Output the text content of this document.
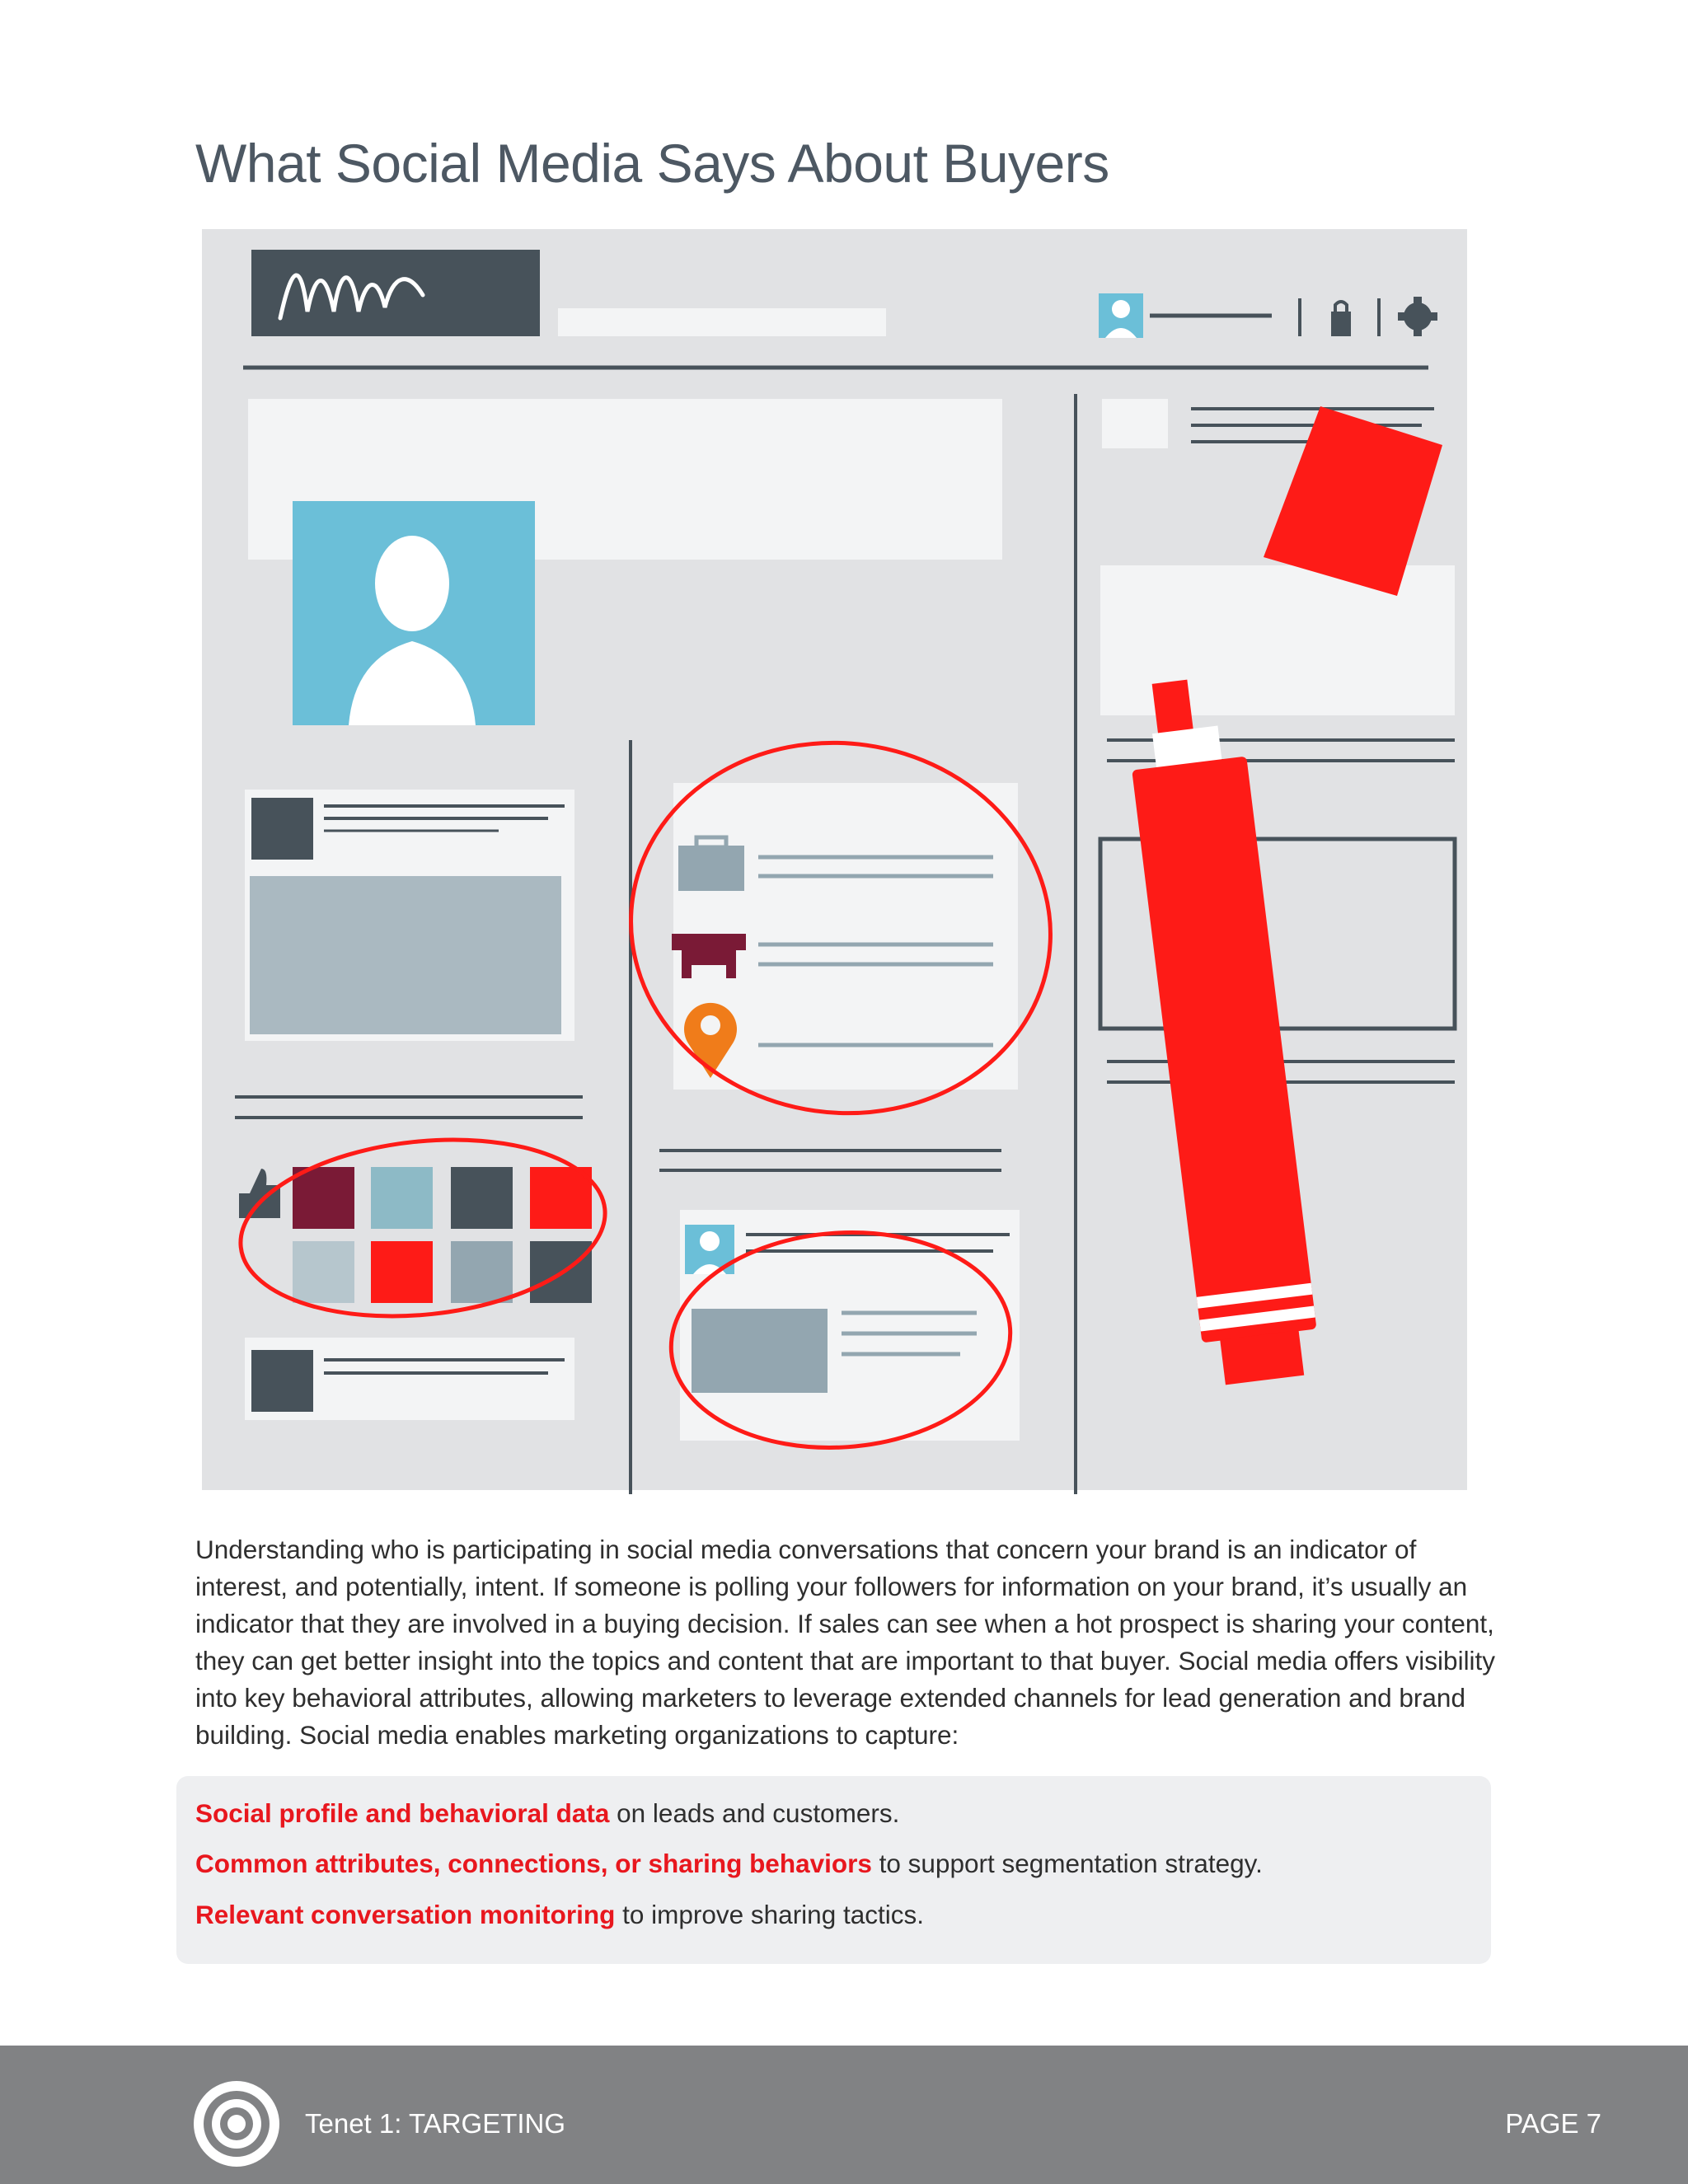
What Social Media Says About Buyers

Understanding who is participating in social media conversations that concern your brand is an indicator of interest, and potentially, intent. If someone is polling your followers for information on your brand, it’s usually an indicator that they are involved in a buying decision. If sales can see when a hot prospect is sharing your content, they can get better insight into the topics and content that are important to that buyer. Social media offers visibility into key behavioral attributes, allowing marketers to leverage extended channels for lead generation and brand building. Social media enables marketing organizations to capture:

Social profile and behavioral data on leads and customers.

Common attributes, connections, or sharing behaviors to support segmentation strategy.

Relevant conversation monitoring to improve sharing tactics.

Tenet 1: TARGETING	PAGE 7
